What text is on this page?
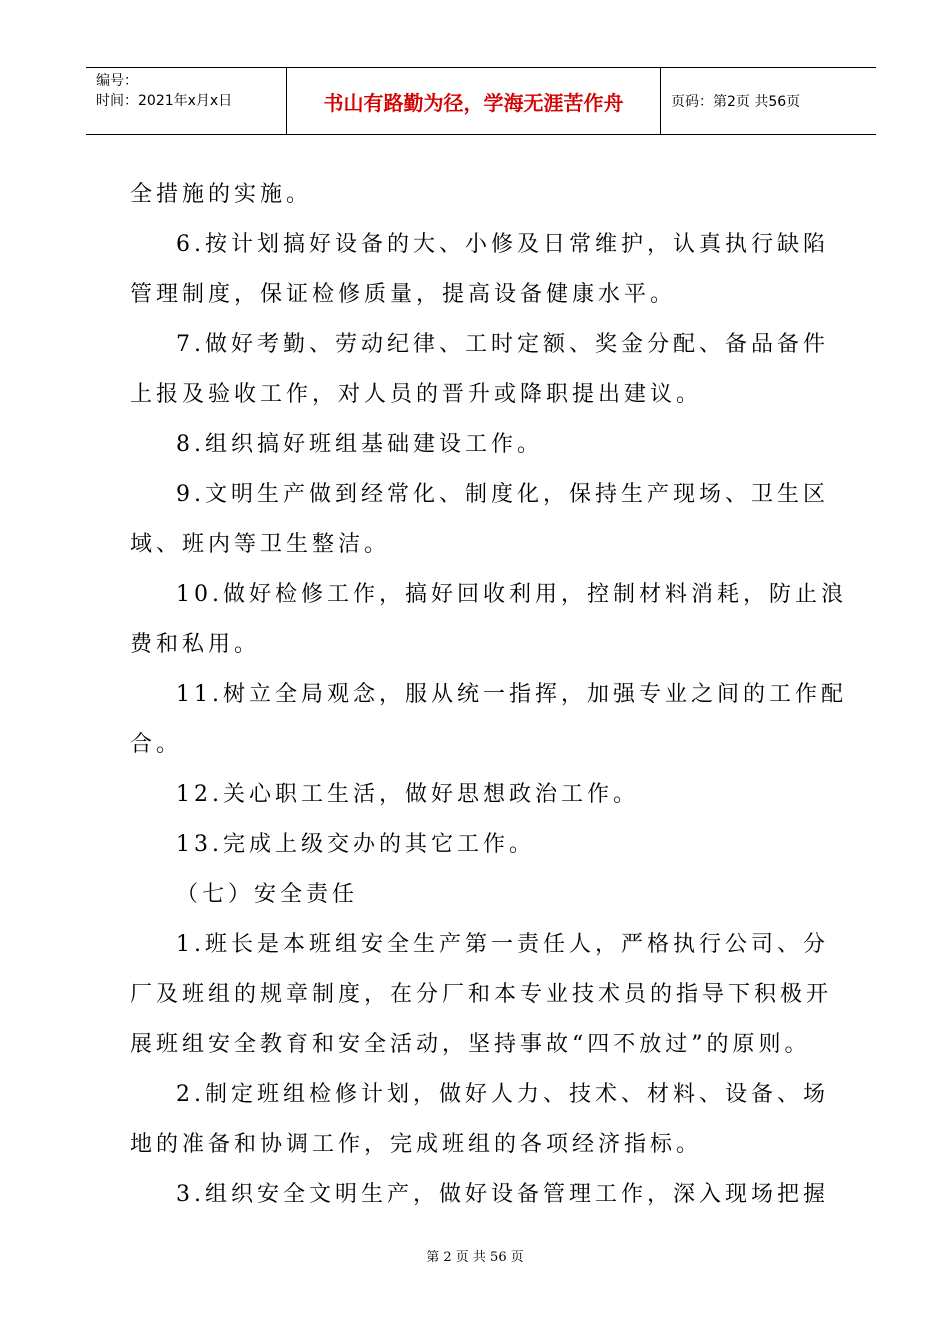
编号：
时间：2021年x月x日	书山有路勤为径，学海无涯苦作舟	页码：第2页 共56页
全措施的实施。
6.按计划搞好设备的大、小修及日常维护，认真执行缺陷
管理制度，保证检修质量，提高设备健康水平。
7.做好考勤、劳动纪律、工时定额、奖金分配、备品备件
上报及验收工作，对人员的晋升或降职提出建议。
8.组织搞好班组基础建设工作。
9.文明生产做到经常化、制度化，保持生产现场、卫生区
域、班内等卫生整洁。
10.做好检修工作，搞好回收利用，控制材料消耗，防止浪
费和私用。
11.树立全局观念，服从统一指挥，加强专业之间的工作配
合。
12.关心职工生活，做好思想政治工作。
13.完成上级交办的其它工作。
（七）安全责任
1.班长是本班组安全生产第一责任人，严格执行公司、分
厂及班组的规章制度，在分厂和本专业技术员的指导下积极开
展班组安全教育和安全活动，坚持事故“四不放过”的原则。
2.制定班组检修计划，做好人力、技术、材料、设备、场
地的准备和协调工作，完成班组的各项经济指标。
3.组织安全文明生产，做好设备管理工作，深入现场把握
第 2 页 共 56 页
